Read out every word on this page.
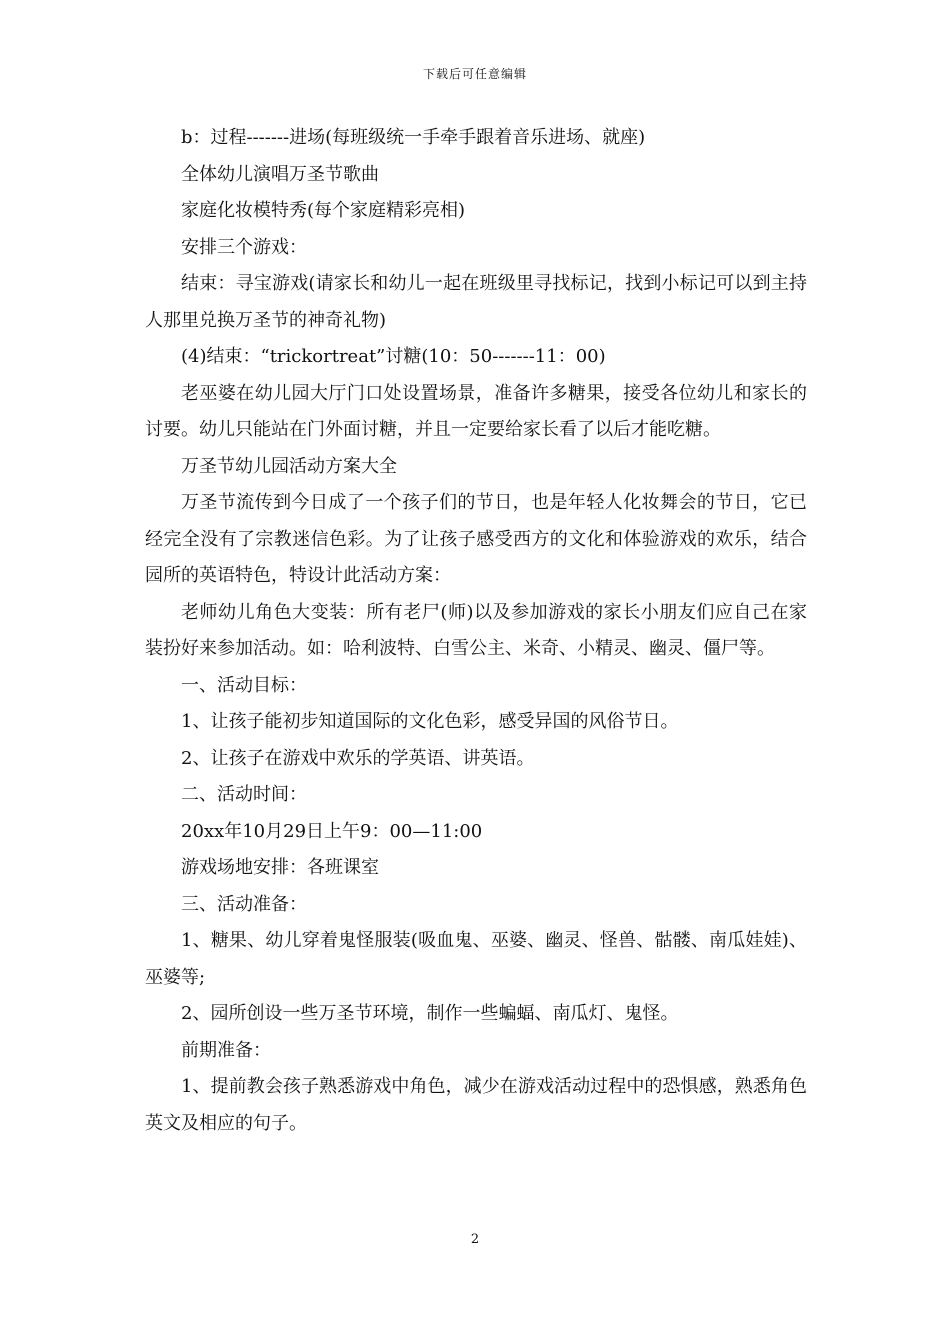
下载后可任意编辑

b：过程-------进场(每班级统一手牵手跟着音乐进场、就座)

全体幼儿演唱万圣节歌曲

家庭化妆模特秀(每个家庭精彩亮相)

安排三个游戏：

结束：寻宝游戏(请家长和幼儿一起在班级里寻找标记，找到小标记可以到主持人那里兑换万圣节的神奇礼物)

(4)结束：“trickortreat”讨糖(10：50-------11：00)

老巫婆在幼儿园大厅门口处设置场景，准备许多糖果，接受各位幼儿和家长的讨要。幼儿只能站在门外面讨糖，并且一定要给家长看了以后才能吃糖。

万圣节幼儿园活动方案大全

万圣节流传到今日成了一个孩子们的节日，也是年轻人化妆舞会的节日，它已经完全没有了宗教迷信色彩。为了让孩子感受西方的文化和体验游戏的欢乐，结合园所的英语特色，特设计此活动方案：

老师幼儿角色大变装：所有老尸(师)以及参加游戏的家长小朋友们应自己在家装扮好来参加活动。如：哈利波特、白雪公主、米奇、小精灵、幽灵、僵尸等。

一、活动目标：

1、让孩子能初步知道国际的文化色彩，感受异国的风俗节日。

2、让孩子在游戏中欢乐的学英语、讲英语。

二、活动时间：

20xx年10月29日上午9：00—11:00

游戏场地安排：各班课室

三、活动准备：

1、糖果、幼儿穿着鬼怪服装(吸血鬼、巫婆、幽灵、怪兽、骷髅、南瓜娃娃)、巫婆等;

2、园所创设一些万圣节环境，制作一些蝙蝠、南瓜灯、鬼怪。

前期准备：

1、提前教会孩子熟悉游戏中角色，减少在游戏活动过程中的恐惧感，熟悉角色英文及相应的句子。

2
